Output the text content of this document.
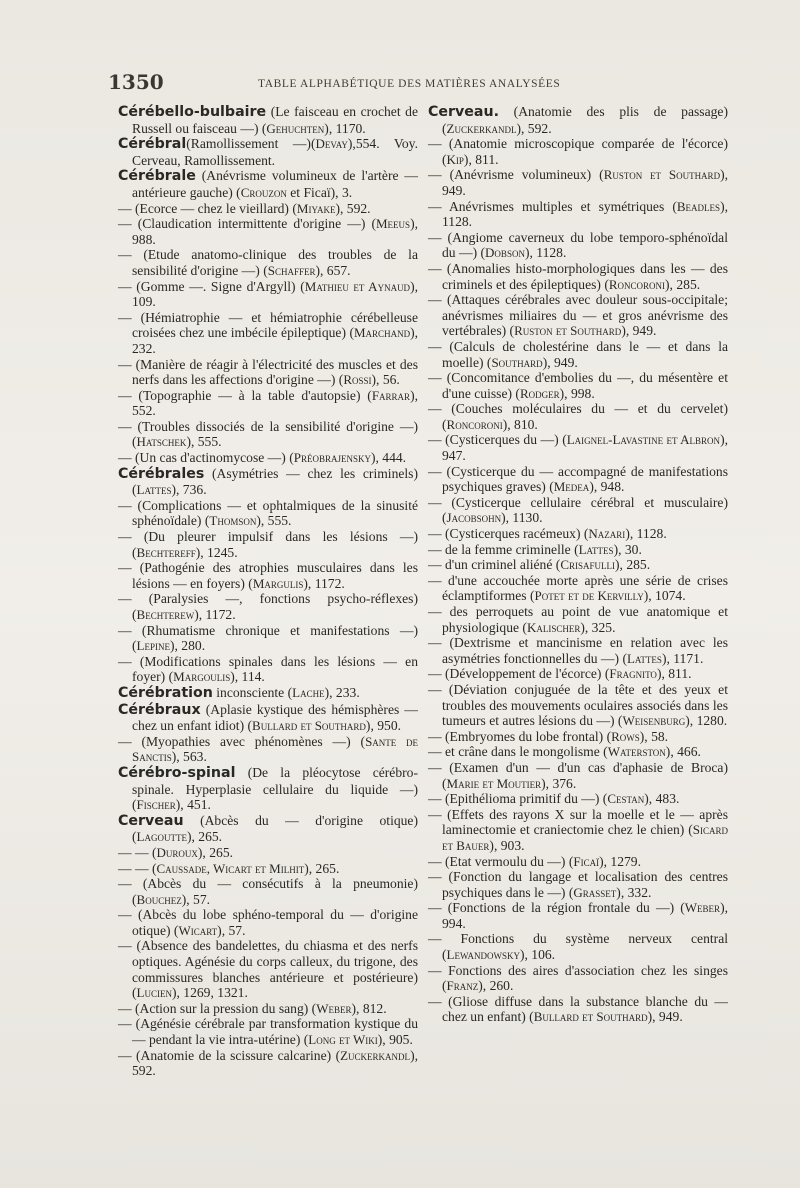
1350	TABLE ALPHABÉTIQUE DES MATIÈRES ANALYSÉES

Cérébello-bulbaire (Le faisceau en crochet de Russell ou faisceau —) (Gehuchten), 1170.

Cérébral(Ramollissement —)(Devay),554. Voy. Cerveau, Ramollissement.

Cérébrale (Anévrisme volumineux de l'artère — antérieure gauche) (Crouzon et Ficaï), 3.

— (Ecorce — chez le vieillard) (Miyake), 592.

— (Claudication intermittente d'origine —) (Meeus), 988.

— (Etude anatomo-clinique des troubles de la sensibilité d'origine —) (Schaffer), 657.

— (Gomme —. Signe d'Argyll) (Mathieu et Aynaud), 109.

— (Hémiatrophie — et hémiatrophie cérébelleuse croisées chez une imbécile épileptique) (Marchand), 232.

— (Manière de réagir à l'électricité des muscles et des nerfs dans les affections d'origine —) (Rossi), 56.

— (Topographie — à la table d'autopsie) (Farrar), 552.

— (Troubles dissociés de la sensibilité d'origine —) (Hatschek), 555.

— (Un cas d'actinomycose —) (Préobrajensky), 444.

Cérébrales (Asymétries — chez les criminels) (Lattes), 736.

— (Complications — et ophtalmiques de la sinusité sphénoïdale) (Thomson), 555.

— (Du pleurer impulsif dans les lésions —) (Bechtereff), 1245.

— (Pathogénie des atrophies musculaires dans les lésions — en foyers) (Margulis), 1172.

— (Paralysies —, fonctions psycho-réflexes) (Bechterew), 1172.

— (Rhumatisme chronique et manifestations —) (Lepine), 280.

— (Modifications spinales dans les lésions — en foyer) (Margoulis), 114.

Cérébration inconsciente (Lache), 233.

Cérébraux (Aplasie kystique des hémisphères — chez un enfant idiot) (Bullard et Southard), 950.

— (Myopathies avec phénomènes —) (Sante de Sanctis), 563.

Cérébro-spinal (De la pléocytose cérébro-spinale. Hyperplasie cellulaire du liquide —) (Fischer), 451.

Cerveau (Abcès du — d'origine otique) (Lagoutte), 265.

— — (Duroux), 265.

— — (Caussade, Wicart et Milhit), 265.

— (Abcès du — consécutifs à la pneumonie) (Bouchez), 57.

— (Abcès du lobe sphéno-temporal du — d'origine otique) (Wicart), 57.

— (Absence des bandelettes, du chiasma et des nerfs optiques. Agénésie du corps calleux, du trigone, des commissures blanches antérieure et postérieure) (Lucien), 1269, 1321.

— (Action sur la pression du sang) (Weber), 812.

— (Agénésie cérébrale par transformation kystique du — pendant la vie intra-utérine) (Long et Wiki), 905.

— (Anatomie de la scissure calcarine) (Zuckerkandl), 592.

Cerveau. (Anatomie des plis de passage) (Zuckerkandl), 592.

— (Anatomie microscopique comparée de l'écorce) (Kip), 811.

— (Anévrisme volumineux) (Ruston et Southard), 949.

— Anévrismes multiples et symétriques (Beadles), 1128.

— (Angiome caverneux du lobe temporo-sphénoïdal du —) (Dobson), 1128.

— (Anomalies histo-morphologiques dans les — des criminels et des épileptiques) (Roncoroni), 285.

— (Attaques cérébrales avec douleur sous-occipitale; anévrismes miliaires du — et gros anévrisme des vertébrales) (Ruston et Southard), 949.

— (Calculs de cholestérine dans le — et dans la moelle) (Southard), 949.

— (Concomitance d'embolies du —, du mésentère et d'une cuisse) (Rodger), 998.

— (Couches moléculaires du — et du cervelet) (Roncoroni), 810.

— (Cysticerques du —) (Laignel-Lavastine et Albron), 947.

— (Cysticerque du — accompagné de manifestations psychiques graves) (Medea), 948.

— (Cysticerque cellulaire cérébral et musculaire) (Jacobsohn), 1130.

— (Cysticerques racémeux) (Nazari), 1128.

— de la femme criminelle (Lattes), 30.

— d'un criminel aliéné (Crisafulli), 285.

— d'une accouchée morte après une série de crises éclamptiformes (Potet et de Kervilly), 1074.

— des perroquets au point de vue anatomique et physiologique (Kalischer), 325.

— (Dextrisme et mancinisme en relation avec les asymétries fonctionnelles du —) (Lattes), 1171.

— (Développement de l'écorce) (Fragnito), 811.

— (Déviation conjuguée de la tête et des yeux et troubles des mouvements oculaires associés dans les tumeurs et autres lésions du —) (Weisenburg), 1280.

— (Embryomes du lobe frontal) (Rows), 58.

— et crâne dans le mongolisme (Waterston), 466.

— (Examen d'un — d'un cas d'aphasie de Broca) (Marie et Moutier), 376.

— (Epithélioma primitif du —) (Cestan), 483.

— (Effets des rayons X sur la moelle et le — après laminectomie et craniectomie chez le chien) (Sicard et Bauer), 903.

— (Etat vermoulu du —) (Ficaï), 1279.

— (Fonction du langage et localisation des centres psychiques dans le —) (Grasset), 332.

— (Fonctions de la région frontale du —) (Weber), 994.

— Fonctions du système nerveux central (Lewandowsky), 106.

— Fonctions des aires d'association chez les singes (Franz), 260.

— (Gliose diffuse dans la substance blanche du — chez un enfant) (Bullard et Southard), 949.
